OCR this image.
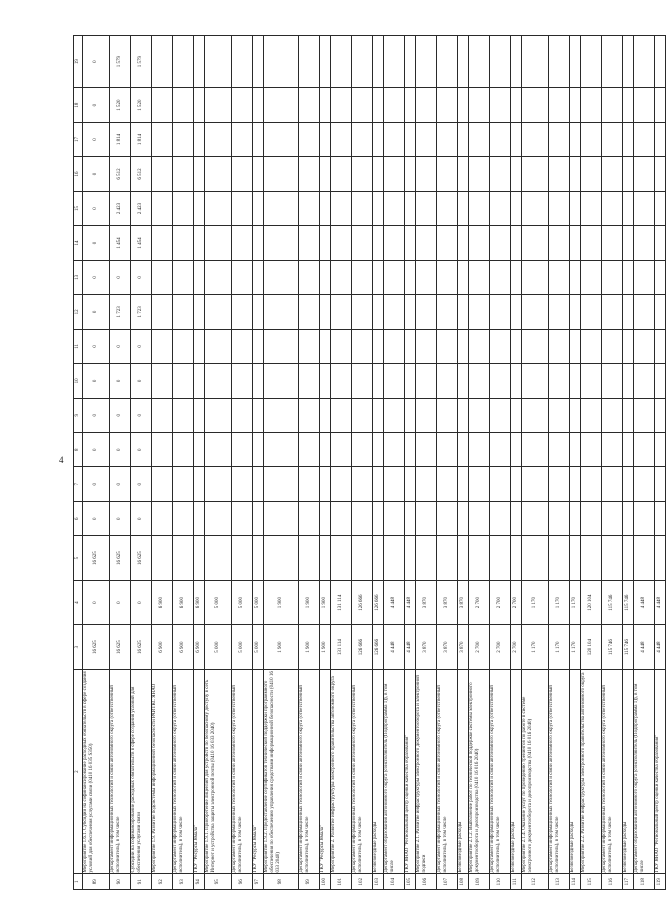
4
1	2	3	4	5	6	7	8	9	10	11	12	13	14	15	16	17	18	19
89	Мероприятие 1.6.1. Субсидии на софинансирование расходных обязательств в сфере создания условий для обеспечения услугами связи (0410 16 035 S350)	16 625	0	16 625	0	0	0	0	0	0	0	0	0	0	0	0	0	0
90	Департамент информационных технологий и связи автономного округа (ответственный исполнитель), в том числе	16 625	0	16 625	0	0	0	0	0	0	1 723	0	1 454	2 423	6 512	1 814	1 520	1 579
91	Субсидии на софинансирование расходных обязательств в сфере создания условий для обеспечения услугами связи	16 625	0	16 625	0	0	0	0	0	0	1 723	0	1 454	2 423	6 512	1 814	1 520	1 579
92	Мероприятие 1.9. Развитие подсистемы информационной безопасности РАИТКС ЯНАО	6 900	6 900															
93	Департамент информационных технологий и связи автономного округа (ответственный исполнитель), в том числе	6 900	6 900															
94	ГКУ "Ресурсы Ямала"	6 900	6 900															
95	Мероприятие 1.9.1. Приобретение лицензий для устройств по безопасному доступу в сеть Интернет и устройства защиты электронной почты (0410 16 033 2040)	5 000	5 000															
96	Департамент информационных технологий и связи автономного округа (ответственный исполнитель), в том числе	5 000	5 000															
97	ГКУ "Ресурсы Ямала"	5 000	5 000															
98	Мероприятие 1.9.2. Предоставление сертификатов технической поддержки программного обеспечения по обеспечению управления средствами информационной безопасности (0410 16 033 2040)	1 900	1 900															
99	Департамент информационных технологий и связи автономного округа (ответственный исполнитель), в том числе	1 900	1 900															
100	ГКУ "Ресурсы Ямала"	1 900	1 900															
101	Мероприятие 2. Развитие инфраструктуры электронного правительства автономного округа	131 114	131 114															
102	Департамент информационных технологий и связи автономного округа (ответственный исполнитель), в том числе	126 666	126 666															
103	Безвозмездные расходы	126 666	126 666															
104	Департамент образования автономного округа (соисполнитель (Подпрограмма 1)), в том числе	4 448	4 448															
105	ГКУ ЯНАО "Региональный центр оценки качества образования"	4 448	4 448															
106	Мероприятие 2.1. Развитие инфраструктуры электронного документооборота и электронной подписи	3 870	3 870															
107	Департамент информационных технологий и связи автономного округа (ответственный исполнитель), в том числе	3 870	3 870															
108	Безвозмездные расходы	3 870	3 870															
109	Мероприятие 2.1.2. Выполнение работ по технической поддержке системы электронного документооборота и делопроизводства (0410 16 016 2040)	2 700	2 700															
110	Департамент информационных технологий и связи автономного округа (ответственный исполнитель), в том числе	2 700	2 700															
111	Безвозмездные расходы	2 700	2 700															
112	Мероприятие 2.1.4. Оказание услуг по проведению тренингов по работе в системе электронного документооборота и делопроизводства (0410 16 016 2040)	1 170	1 170															
113	Департамент информационных технологий и связи автономного округа (ответственный исполнитель), в том числе	1 170	1 170															
114	Безвозмездные расходы	1 170	1 170															
115	Мероприятие 2.2. Развитие инфраструктуры электронного правительства автономного округа	120 104	120 104															
116	Департамент информационных технологий и связи автономного округа (ответственный исполнитель), в том числе	115 746	115 746															
117	Безвозмездные расходы	115 746	115 746															
118	Департамент образования автономного округа (соисполнитель (Подпрограмма 1)), в том числе	4 448	4 448															
119	ГКУ ЯНАО "Региональный центр оценки качества образования"	4 448	4 448															
